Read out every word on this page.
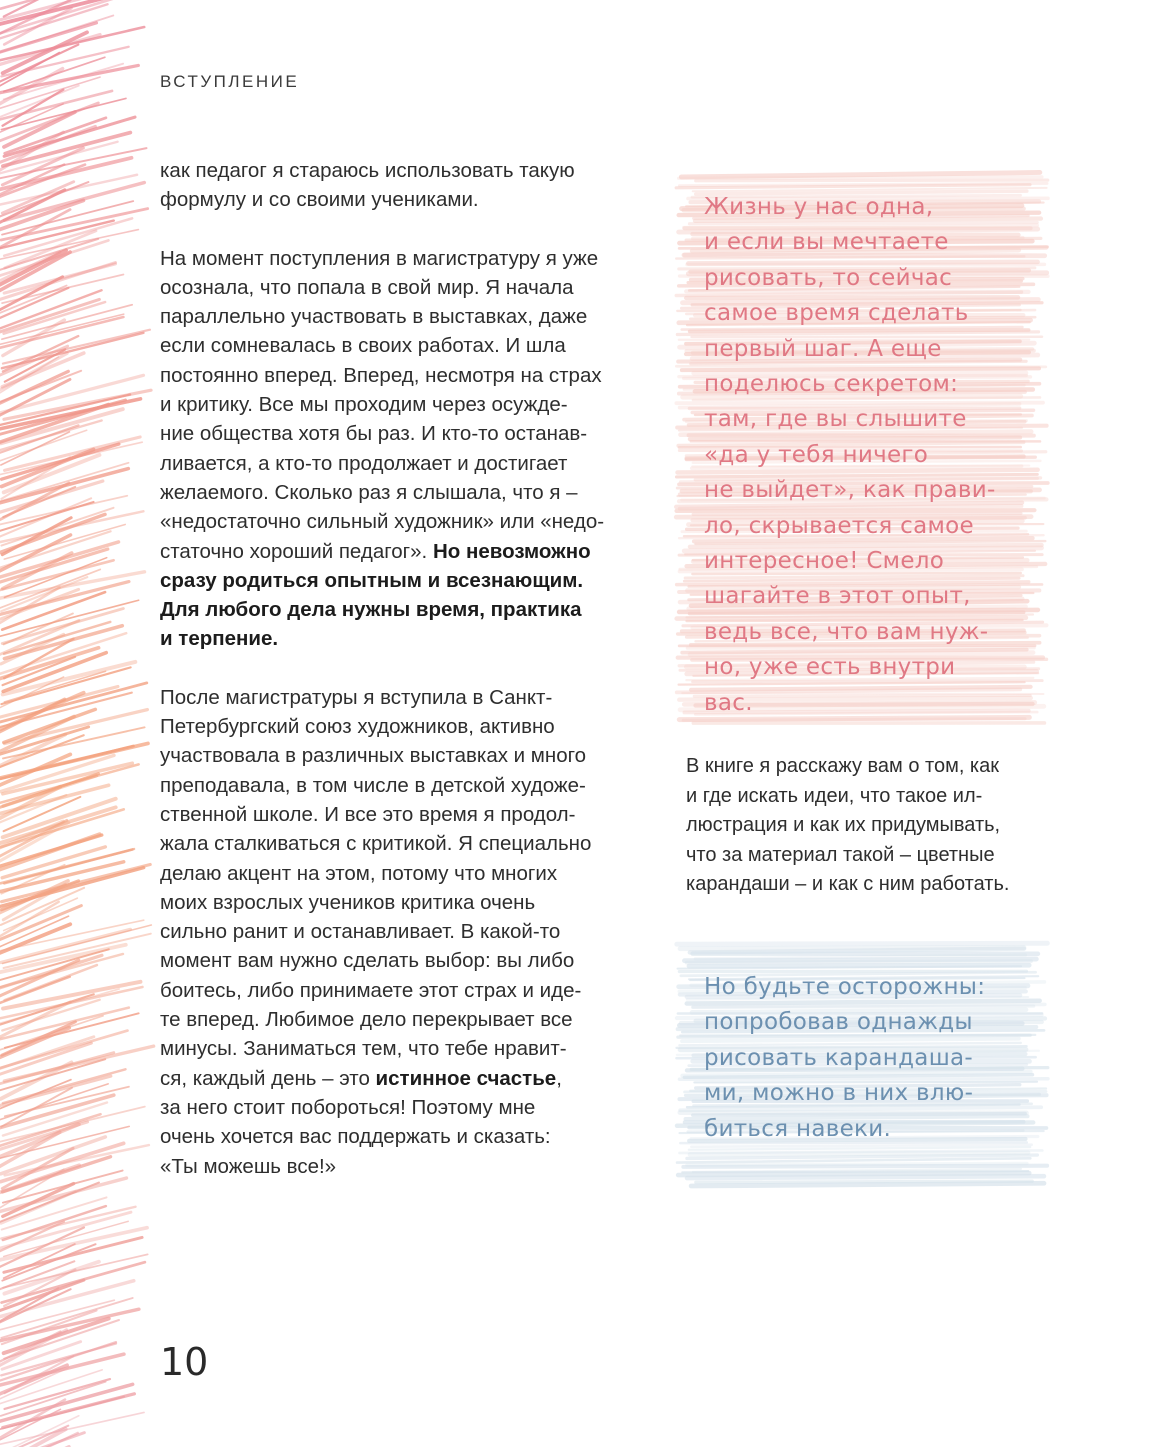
ВСТУПЛЕНИЕ

как педагог я стараюсь использовать такую
формулу и со своими учениками.

На момент поступления в магистратуру я уже
осознала, что попала в свой мир. Я начала
параллельно участвовать в выставках, даже
если сомневалась в своих работах. И шла
постоянно вперед. Вперед, несмотря на страх
и критику. Все мы проходим через осужде-
ние общества хотя бы раз. И кто-то останав-
ливается, а кто-то продолжает и достигает
желаемого. Сколько раз я слышала, что я –
«недостаточно сильный художник» или «недо-
статочно хороший педагог». Но невозможно
сразу родиться опытным и всезнающим.
Для любого дела нужны время, практика
и терпение.

После магистратуры я вступила в Санкт-
Петербургский союз художников, активно
участвовала в различных выставках и много
преподавала, в том числе в детской художе-
ственной школе. И все это время я продол-
жала сталкиваться с критикой. Я специально
делаю акцент на этом, потому что многих
моих взрослых учеников критика очень
сильно ранит и останавливает. В какой-то
момент вам нужно сделать выбор: вы либо
боитесь, либо принимаете этот страх и иде-
те вперед. Любимое дело перекрывает все
минусы. Заниматься тем, что тебе нравит-
ся, каждый день – это истинное счастье,
за него стоит побороться! Поэтому мне
очень хочется вас поддержать и сказать:
«Ты можешь все!»

Жизнь у нас одна,
и если вы мечтаете
рисовать, то сейчас
самое время сделать
первый шаг. А еще
поделюсь секретом:
там, где вы слышите
«да у тебя ничего
не выйдет», как прави-
ло, скрывается самое
интересное! Смело
шагайте в этот опыт,
ведь все, что вам нуж-
но, уже есть внутри
вас.
В книге я расскажу вам о том, как
и где искать идеи, что такое ил-
люстрация и как их придумывать,
что за материал такой – цветные
карандаши – и как с ним работать.
Но будьте осторожны:
попробовав однажды
рисовать карандаша-
ми, можно в них влю-
биться навеки.
10
